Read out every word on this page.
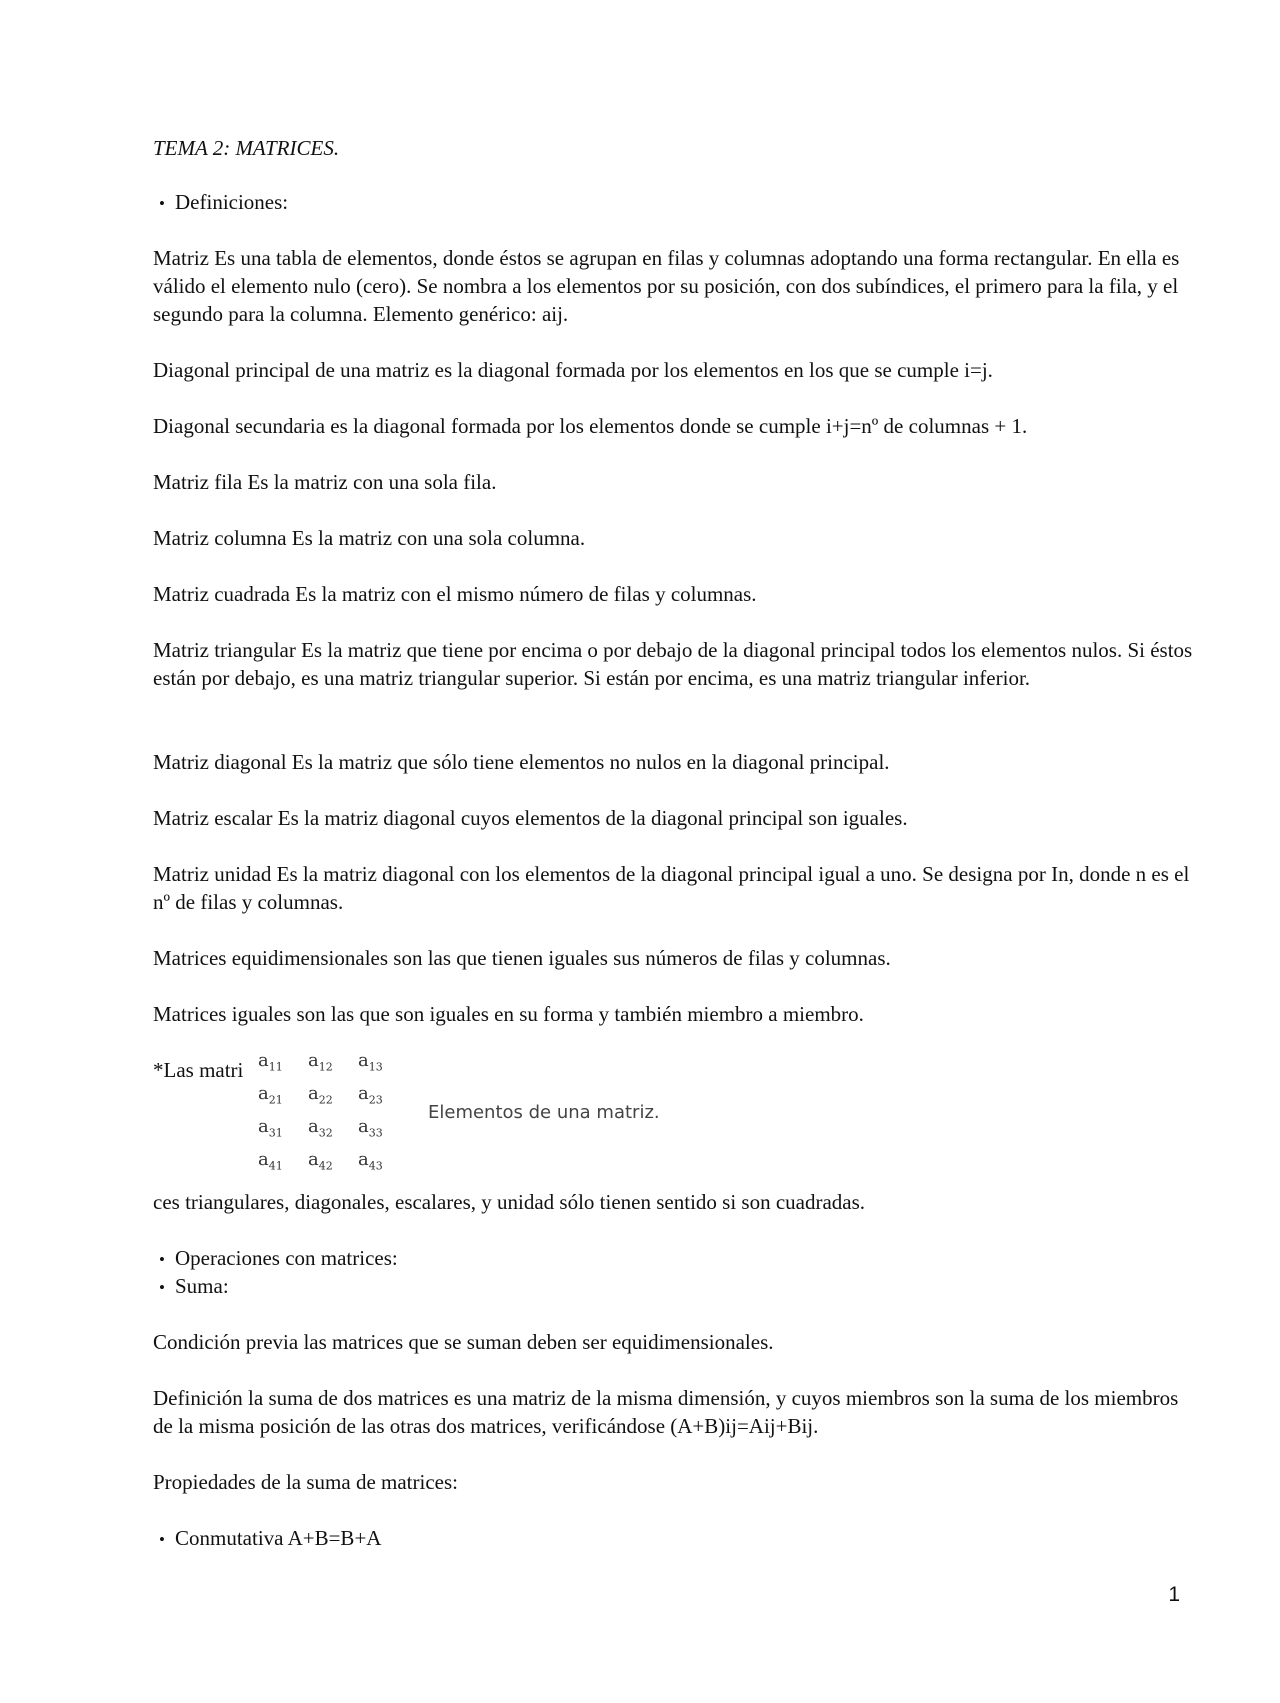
TEMA 2: MATRICES.

• Definiciones:

Matriz Es una tabla de elementos, donde éstos se agrupan en filas y columnas adoptando una forma rectangular. En ella es válido el elemento nulo (cero). Se nombra a los elementos por su posición, con dos subíndices, el primero para la fila, y el segundo para la columna. Elemento genérico: aij.

Diagonal principal de una matriz es la diagonal formada por los elementos en los que se cumple i=j.

Diagonal secundaria es la diagonal formada por los elementos donde se cumple i+j=nº de columnas + 1.

Matriz fila Es la matriz con una sola fila.

Matriz columna Es la matriz con una sola columna.

Matriz cuadrada Es la matriz con el mismo número de filas y columnas.

Matriz triangular Es la matriz que tiene por encima o por debajo de la diagonal principal todos los elementos nulos. Si éstos están por debajo, es una matriz triangular superior. Si están por encima, es una matriz triangular inferior.

Matriz diagonal Es la matriz que sólo tiene elementos no nulos en la diagonal principal.

Matriz escalar Es la matriz diagonal cuyos elementos de la diagonal principal son iguales.

Matriz unidad Es la matriz diagonal con los elementos de la diagonal principal igual a uno. Se designa por In, donde n es el nº de filas y columnas.

Matrices equidimensionales son las que tienen iguales sus números de filas y columnas.

Matrices iguales son las que son iguales en su forma y también miembro a miembro.

*Las matri $a_{11}$ $a_{12}$ $a_{13}$
$a_{21}$ $a_{22}$ $a_{23}$
$a_{31}$ $a_{32}$ $a_{33}$
$a_{41}$ $a_{42}$ $a_{43}$
Elementos de una matriz.

ces triangulares, diagonales, escalares, y unidad sólo tienen sentido si son cuadradas.

• Operaciones con matrices:

• Suma:

Condición previa las matrices que se suman deben ser equidimensionales.

Definición la suma de dos matrices es una matriz de la misma dimensión, y cuyos miembros son la suma de los miembros de la misma posición de las otras dos matrices, verificándose (A+B)ij=Aij+Bij.

Propiedades de la suma de matrices:

• Conmutativa A+B=B+A

1
